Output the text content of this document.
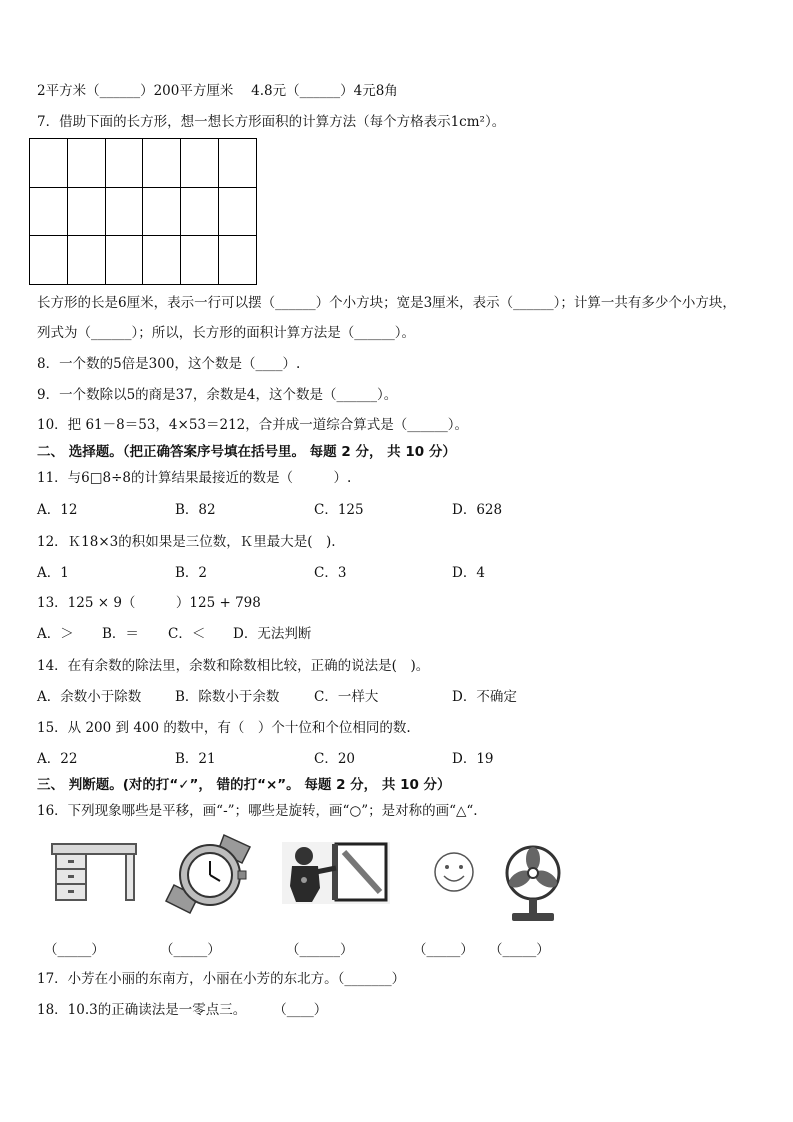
2平方米（______）200平方厘米　 4.8元（______）4元8角
7．借助下面的长方形，想一想长方形面积的计算方法（每个方格表示1cm²）。

长方形的长是6厘米，表示一行可以摆（______）个小方块；宽是3厘米，表示（______）；计算一共有多少个小方块，
列式为（______）；所以，长方形的面积计算方法是（______）。
8．一个数的5倍是300，这个数是（____）.
9．一个数除以5的商是37，余数是4，这个数是（______）。
10．把 61－8＝53，4×53＝212，合并成一道综合算式是（______）。
二、 选择题。（把正确答案序号填在括号里。 每题 2 分， 共 10 分）
11．与6□8÷8的计算结果最接近的数是（　　　）.
A．12	B．82	C．125	D．628
12．Ｋ18×3的积如果是三位数，Ｋ里最大是(　).
A．1	B．2	C．3	D．4
13．125 × 9（　　　）125 + 798
A．＞ B．＝ C．＜ D．无法判断
14．在有余数的除法里，余数和除数相比较，正确的说法是(　)。
A．余数小于除数	B．除数小于余数	C．一样大	D．不确定
15．从 200 到 400 的数中，有（　）个十位和个位相同的数.
A．22	B．21	C．20	D．19
三、 判断题。(对的打“✓”， 错的打“×”。 每题 2 分， 共 10 分）
16．下列现象哪些是平移，画“-”；哪些是旋转，画“○”；是对称的画“△“.
（_____）	（_____）	（______）	（_____） （_____）
17．小芳在小丽的东南方，小丽在小芳的东北方。（_______）
18．10.3的正确读法是一零点三。　　　（____）
